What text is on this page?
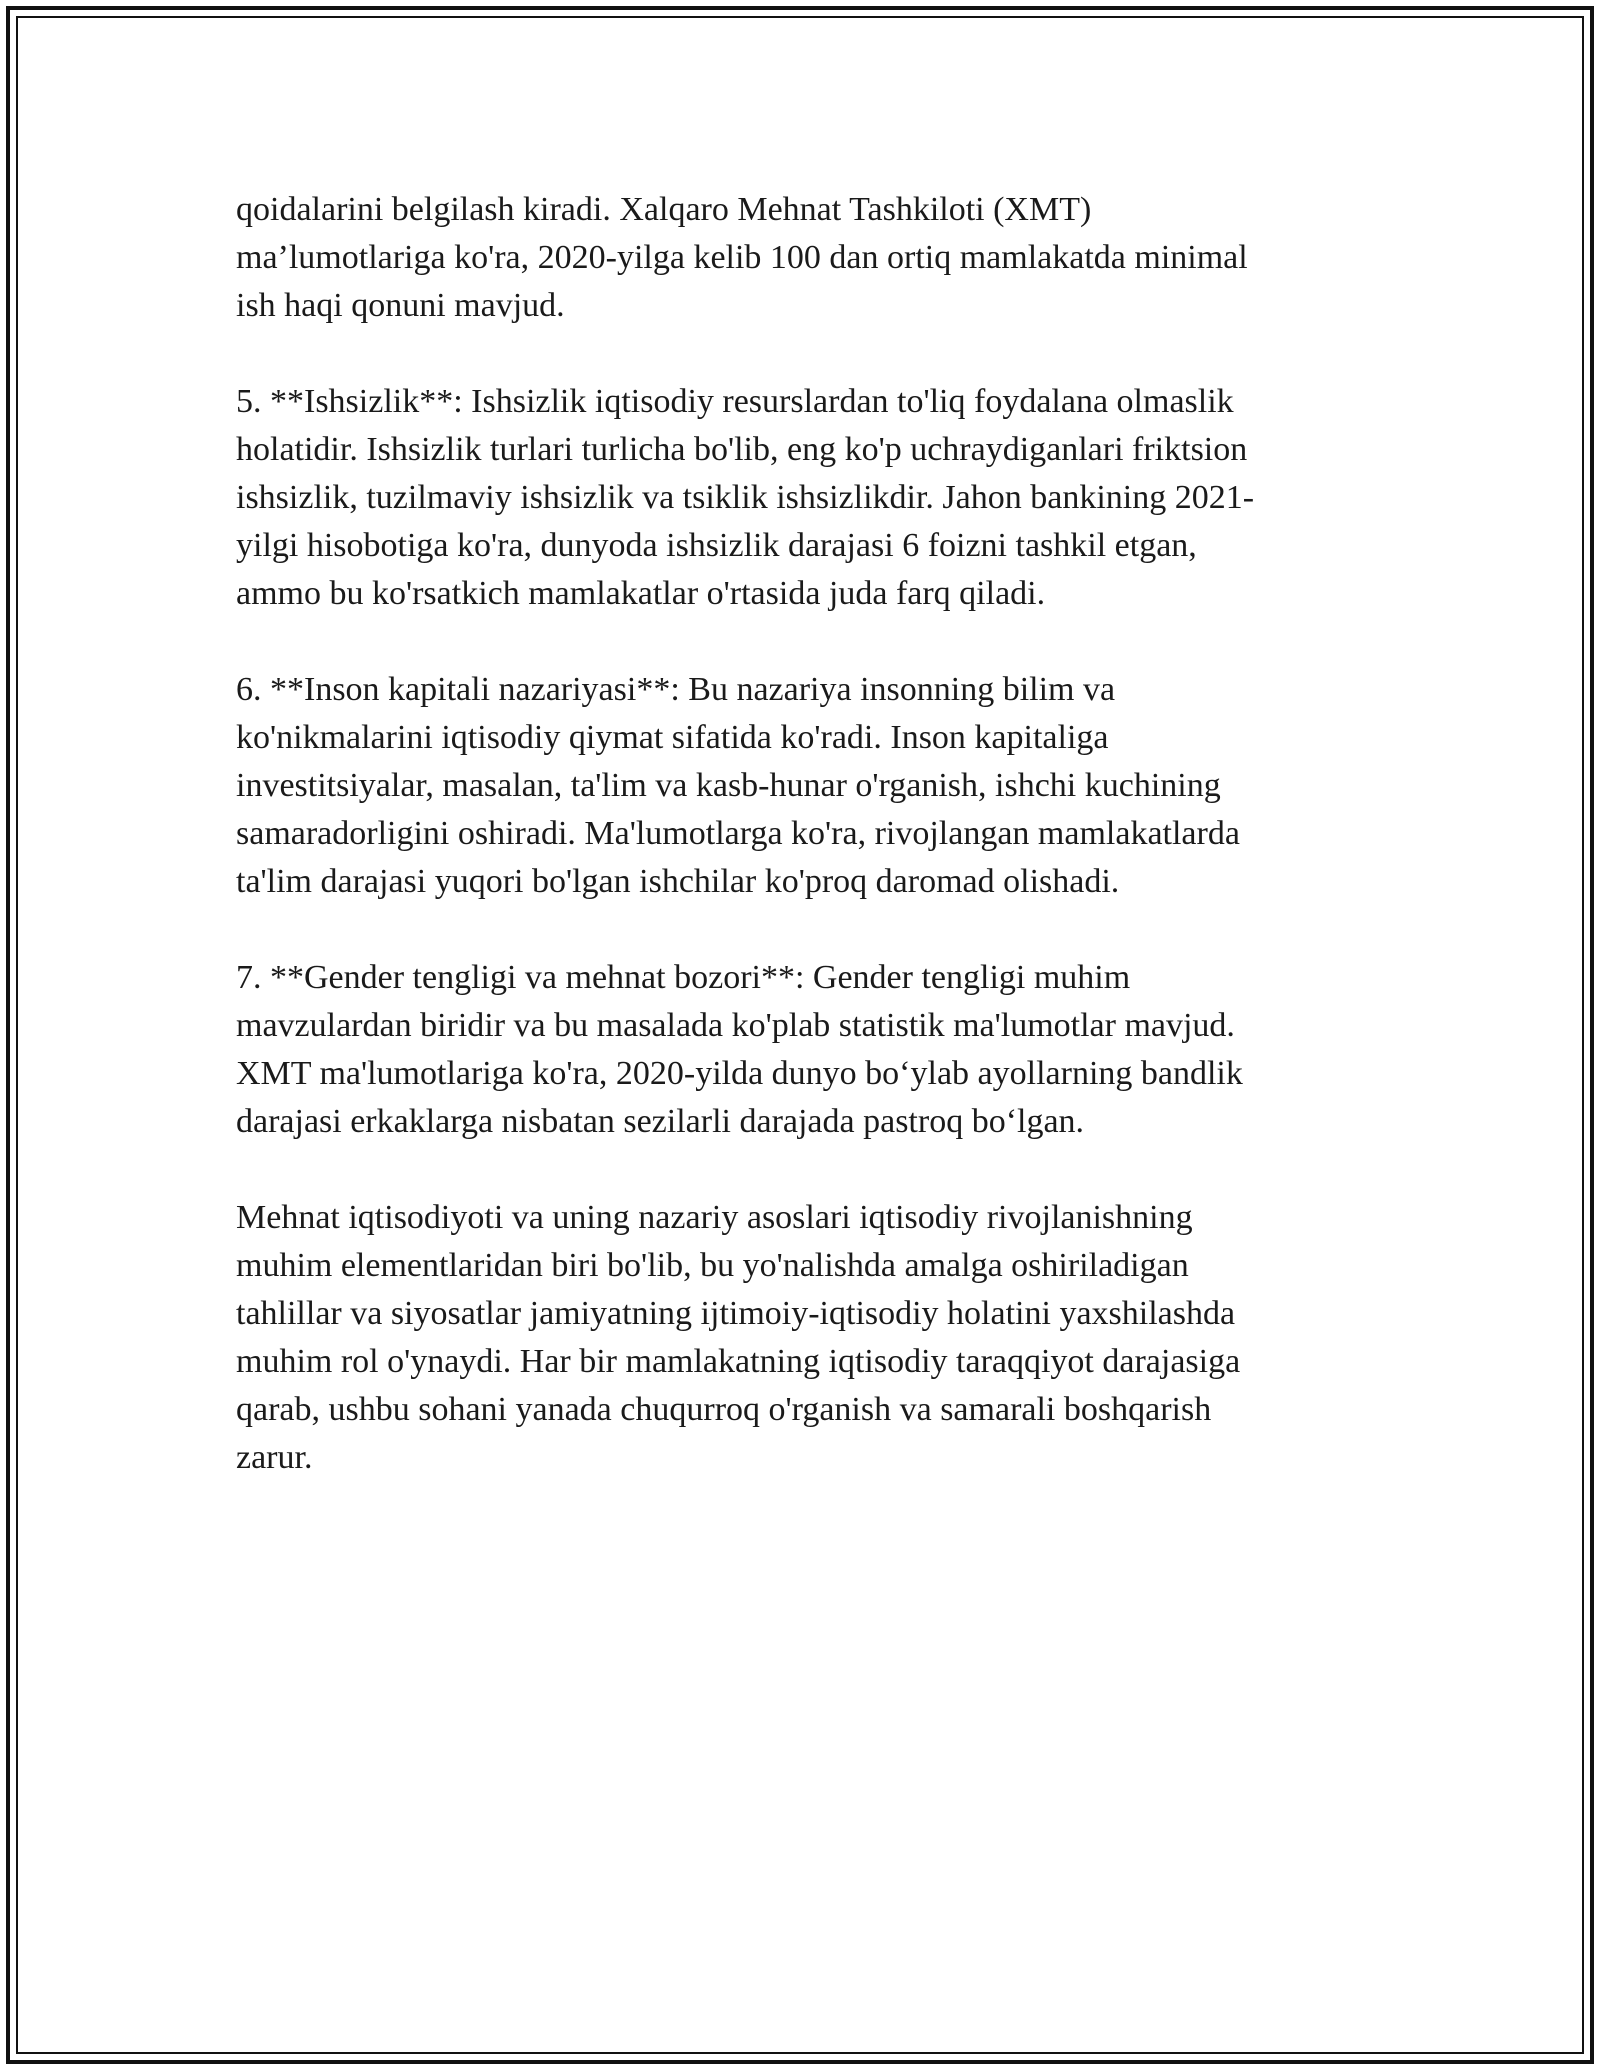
qoidalarini belgilash kiradi. Xalqaro Mehnat Tashkiloti (XMT)
ma’lumotlariga ko'ra, 2020-yilga kelib 100 dan ortiq mamlakatda minimal
ish haqi qonuni mavjud.
5. **Ishsizlik**: Ishsizlik iqtisodiy resurslardan to'liq foydalana olmaslik
holatidir. Ishsizlik turlari turlicha bo'lib, eng ko'p uchraydiganlari friktsion
ishsizlik, tuzilmaviy ishsizlik va tsiklik ishsizlikdir. Jahon bankining 2021-
yilgi hisobotiga ko'ra, dunyoda ishsizlik darajasi 6 foizni tashkil etgan,
ammo bu ko'rsatkich mamlakatlar o'rtasida juda farq qiladi.
6. **Inson kapitali nazariyasi**: Bu nazariya insonning bilim va
ko'nikmalarini iqtisodiy qiymat sifatida ko'radi. Inson kapitaliga
investitsiyalar, masalan, ta'lim va kasb-hunar o'rganish, ishchi kuchining
samaradorligini oshiradi. Ma'lumotlarga ko'ra, rivojlangan mamlakatlarda
ta'lim darajasi yuqori bo'lgan ishchilar ko'proq daromad olishadi.
7. **Gender tengligi va mehnat bozori**: Gender tengligi muhim
mavzulardan biridir va bu masalada ko'plab statistik ma'lumotlar mavjud.
XMT ma'lumotlariga ko'ra, 2020-yilda dunyo bo‘ylab ayollarning bandlik
darajasi erkaklarga nisbatan sezilarli darajada pastroq bo‘lgan.
Mehnat iqtisodiyoti va uning nazariy asoslari iqtisodiy rivojlanishning
muhim elementlaridan biri bo'lib, bu yo'nalishda amalga oshiriladigan
tahlillar va siyosatlar jamiyatning ijtimoiy-iqtisodiy holatini yaxshilashda
muhim rol o'ynaydi. Har bir mamlakatning iqtisodiy taraqqiyot darajasiga
qarab, ushbu sohani yanada chuqurroq o'rganish va samarali boshqarish
zarur.
